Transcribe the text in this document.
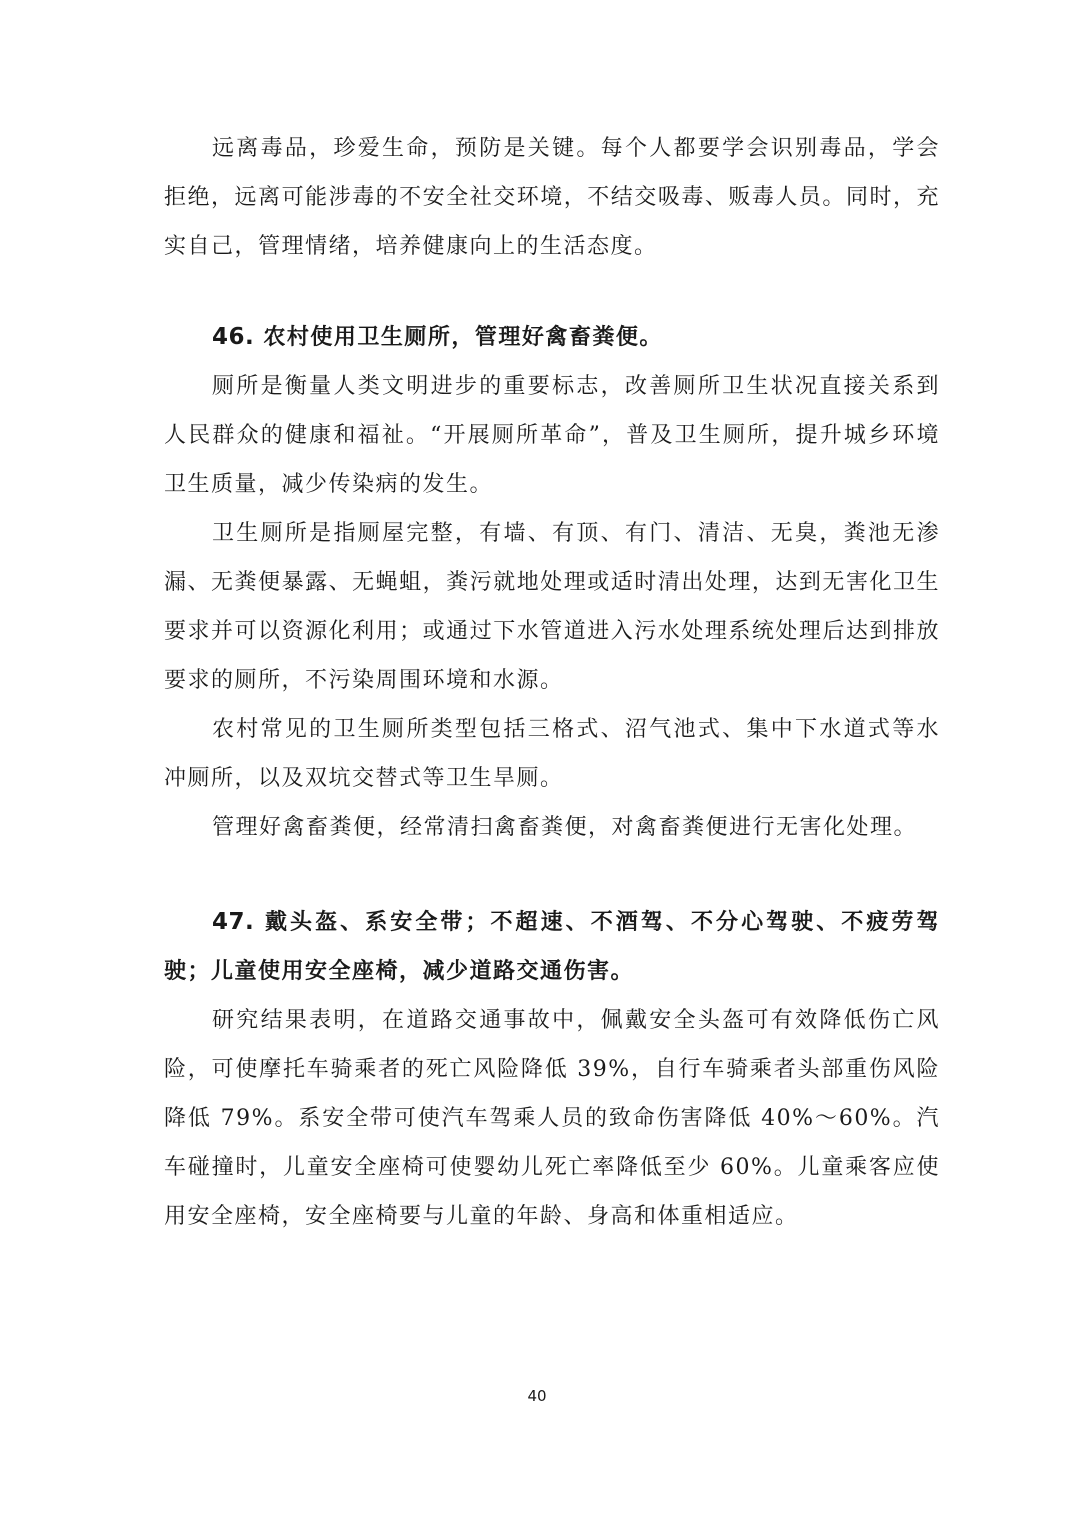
远离毒品，珍爱生命，预防是关键。每个人都要学会识别毒品，学会拒绝，远离可能涉毒的不安全社交环境，不结交吸毒、贩毒人员。同时，充实自己，管理情绪，培养健康向上的生活态度。

46. 农村使用卫生厕所，管理好禽畜粪便。

厕所是衡量人类文明进步的重要标志，改善厕所卫生状况直接关系到人民群众的健康和福祉。“开展厕所革命”，普及卫生厕所，提升城乡环境卫生质量，减少传染病的发生。

卫生厕所是指厕屋完整，有墙、有顶、有门、清洁、无臭，粪池无渗漏、无粪便暴露、无蝇蛆，粪污就地处理或适时清出处理，达到无害化卫生要求并可以资源化利用；或通过下水管道进入污水处理系统处理后达到排放要求的厕所，不污染周围环境和水源。

农村常见的卫生厕所类型包括三格式、沼气池式、集中下水道式等水冲厕所，以及双坑交替式等卫生旱厕。

管理好禽畜粪便，经常清扫禽畜粪便，对禽畜粪便进行无害化处理。

47. 戴头盔、系安全带；不超速、不酒驾、不分心驾驶、不疲劳驾驶；儿童使用安全座椅，减少道路交通伤害。

研究结果表明，在道路交通事故中，佩戴安全头盔可有效降低伤亡风险，可使摩托车骑乘者的死亡风险降低 39%，自行车骑乘者头部重伤风险降低 79%。系安全带可使汽车驾乘人员的致命伤害降低 40%～60%。汽车碰撞时，儿童安全座椅可使婴幼儿死亡率降低至少 60%。儿童乘客应使用安全座椅，安全座椅要与儿童的年龄、身高和体重相适应。

40
